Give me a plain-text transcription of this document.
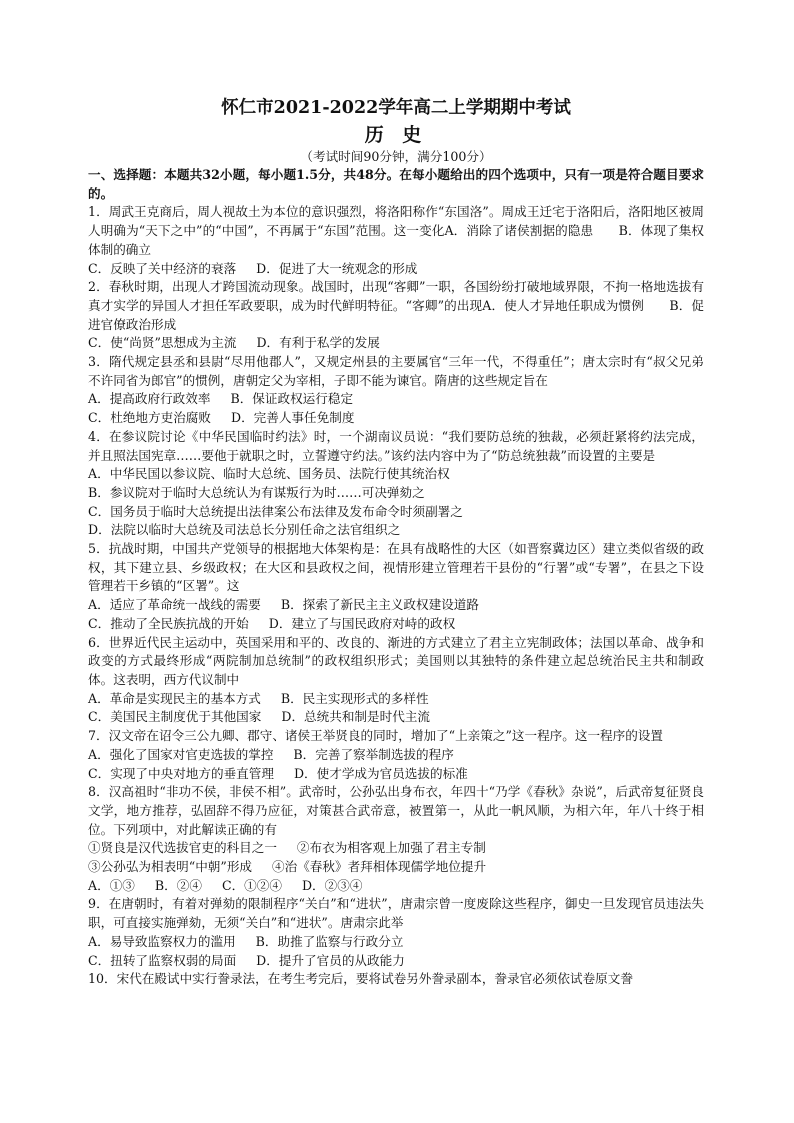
怀仁市2021-2022学年高二上学期期中考试
历 史

（考试时间90分钟，满分100分）

一、选择题：本题共32小题，每小题1.5分，共48分。在每小题给出的四个选项中，只有一项是符合题目要求的。

1．周武王克商后，周人视故土为本位的意识强烈，将洛阳称作“东国洛”。周成王迁宅于洛阳后，洛阳地区被周人明确为“天下之中”的“中国”，不再属于“东国”范围。这一变化A．消除了诸侯割据的隐患　　B．体现了集权体制的确立

C．反映了关中经济的衰落 D．促进了大一统观念的形成

2．春秋时期，出现人才跨国流动现象。战国时，出现“客卿”一职，各国纷纷打破地域界限，不拘一格地选拔有真才实学的异国人才担任军政要职，成为时代鲜明特征。“客卿”的出现A．使人才异地任职成为惯例　　B．促进官僚政治形成

C．使“尚贤”思想成为主流 D．有利于私学的发展

3．隋代规定县丞和县尉“尽用他郡人”，又规定州县的主要属官“三年一代，不得重任”；唐太宗时有“叔父兄弟不许同省为郎官”的惯例，唐朝定父为宰相，子即不能为谏官。隋唐的这些规定旨在

A．提高政府行政效率 B．保证政权运行稳定

C．杜绝地方吏治腐败 D．完善人事任免制度

4．在参议院讨论《中华民国临时约法》时，一个湖南议员说：“我们要防总统的独裁，必须赶紧将约法完成，并且照法国宪章……要他于就职之时，立誓遵守约法。”该约法内容中为了“防总统独裁”而设置的主要是

A．中华民国以参议院、临时大总统、国务员、法院行使其统治权

B．参议院对于临时大总统认为有谋叛行为时……可决弹劾之

C．国务员于临时大总统提出法律案公布法律及发布命令时须副署之

D．法院以临时大总统及司法总长分别任命之法官组织之

5．抗战时期，中国共产党领导的根据地大体架构是：在具有战略性的大区（如晋察冀边区）建立类似省级的政权，其下建立县、乡级政权；在大区和县政权之间，视情形建立管理若干县份的“行署”或“专署”，在县之下设管理若干乡镇的“区署”。这

A．适应了革命统一战线的需要 B．探索了新民主主义政权建设道路

C．推动了全民族抗战的开始 D．建立了与国民政府对峙的政权

6．世界近代民主运动中，英国采用和平的、改良的、渐进的方式建立了君主立宪制政体；法国以革命、战争和政变的方式最终形成“两院制加总统制”的政权组织形式；美国则以其独特的条件建立起总统治民主共和制政体。这表明，西方代议制中

A．革命是实现民主的基本方式 B．民主实现形式的多样性

C．美国民主制度优于其他国家 D．总统共和制是时代主流

7．汉文帝在诏令三公九卿、郡守、诸侯王举贤良的同时，增加了“上亲策之”这一程序。这一程序的设置

A．强化了国家对官吏选拔的掌控 B．完善了察举制选拔的程序

C．实现了中央对地方的垂直管理 D．使才学成为官员选拔的标准

8．汉高祖时“非功不侯，非侯不相”。武帝时，公孙弘出身布衣，年四十“乃学《春秋》杂说”，后武帝复征贤良文学，地方推荐，弘固辞不得乃应征，对策甚合武帝意，被置第一，从此一帆风顺，为相六年，年八十终于相位。下列项中，对此解读正确的有

①贤良是汉代选拔官吏的科目之一 ②布衣为相客观上加强了君主专制

③公孙弘为相表明“中朝”形成 ④治《春秋》者拜相体现儒学地位提升

A．①③ B．②④ C．①②④ D．②③④

9．在唐朝时，有着对弹劾的限制程序“关白”和“进状”，唐肃宗曾一度废除这些程序，御史一旦发现官员违法失职，可直接实施弹劾，无须“关白”和“进状”。唐肃宗此举

A．易导致监察权力的滥用 B．助推了监察与行政分立

C．扭转了监察权弱的局面 D．提升了官员的从政能力

10．宋代在殿试中实行誊录法，在考生考完后，要将试卷另外誊录副本，誊录官必须依试卷原文誊
